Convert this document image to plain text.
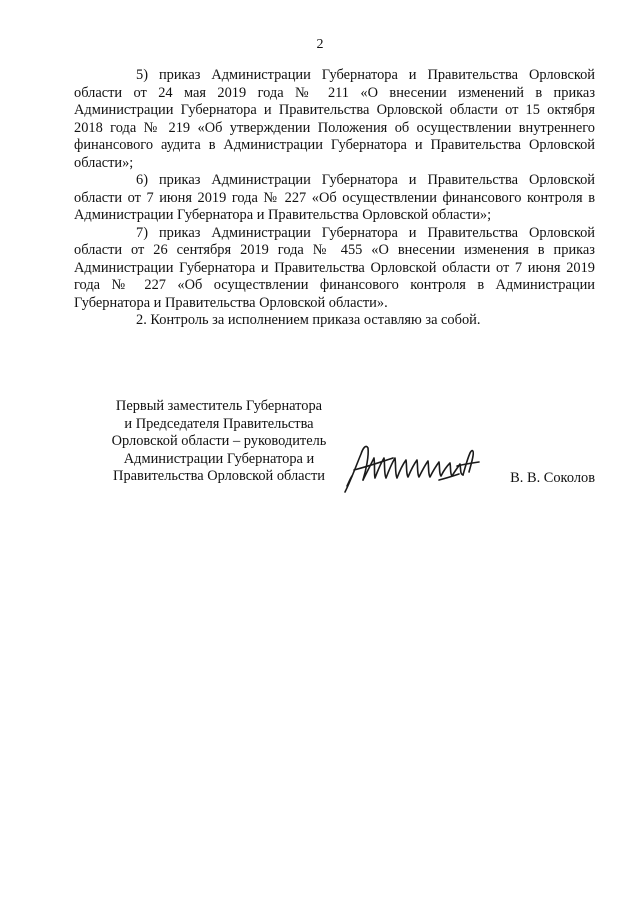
2

5) приказ Администрации Губернатора и Правительства Орловской области от 24 мая 2019 года № 211 «О внесении изменений в приказ Администрации Губернатора и Правительства Орловской области от 15 октября 2018 года № 219 «Об утверждении Положения об осуществлении внутреннего финансового аудита в Администрации Губернатора и Правительства Орловской области»;

6) приказ Администрации Губернатора и Правительства Орловской области от 7 июня 2019 года № 227 «Об осуществлении финансового контроля в Администрации Губернатора и Правительства Орловской области»;

7) приказ Администрации Губернатора и Правительства Орловской области от 26 сентября 2019 года № 455 «О внесении изменения в приказ Администрации Губернатора и Правительства Орловской области от 7 июня 2019 года № 227 «Об осуществлении финансового контроля в Администрации Губернатора и Правительства Орловской области».

2. Контроль за исполнением приказа оставляю за собой.

Первый заместитель Губернатора
и Председателя Правительства
Орловской области – руководитель
Администрации Губернатора и
Правительства Орловской области	В. В. Соколов
